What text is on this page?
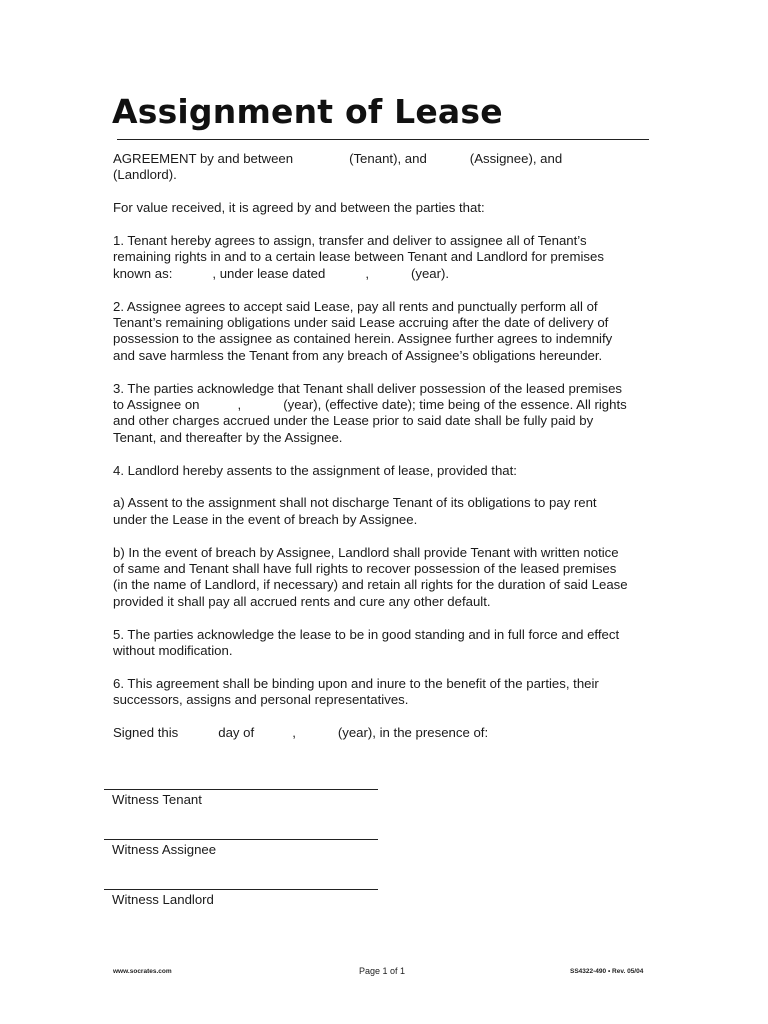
Assignment of Lease

AGREEMENT by and between	(Tenant), and	(Assignee), and
(Landlord).

For value received, it is agreed by and between the parties that:

1. Tenant hereby agrees to assign, transfer and deliver to assignee all of Tenant’s
remaining rights in and to a certain lease between Tenant and Landlord for premises
known as:	, under lease dated	,	(year).

2. Assignee agrees to accept said Lease, pay all rents and punctually perform all of
Tenant’s remaining obligations under said Lease accruing after the date of delivery of
possession to the assignee as contained herein. Assignee further agrees to indemnify
and save harmless the Tenant from any breach of Assignee’s obligations hereunder.

3. The parties acknowledge that Tenant shall deliver possession of the leased premises
to Assignee on	,	(year), (effective date); time being of the essence. All rights
and other charges accrued under the Lease prior to said date shall be fully paid by
Tenant, and thereafter by the Assignee.

4. Landlord hereby assents to the assignment of lease, provided that:

a) Assent to the assignment shall not discharge Tenant of its obligations to pay rent
under the Lease in the event of breach by Assignee.

b) In the event of breach by Assignee, Landlord shall provide Tenant with written notice
of same and Tenant shall have full rights to recover possession of the leased premises
(in the name of Landlord, if necessary) and retain all rights for the duration of said Lease
provided it shall pay all accrued rents and cure any other default.

5. The parties acknowledge the lease to be in good standing and in full force and effect
without modification.

6. This agreement shall be binding upon and inure to the benefit of the parties, their
successors, assigns and personal representatives.

Signed this	day of	,	(year), in the presence of:

Witness Tenant
Witness Assignee
Witness Landlord
www.socrates.com	Page 1 of 1	SS4322-490 • Rev. 05/04
